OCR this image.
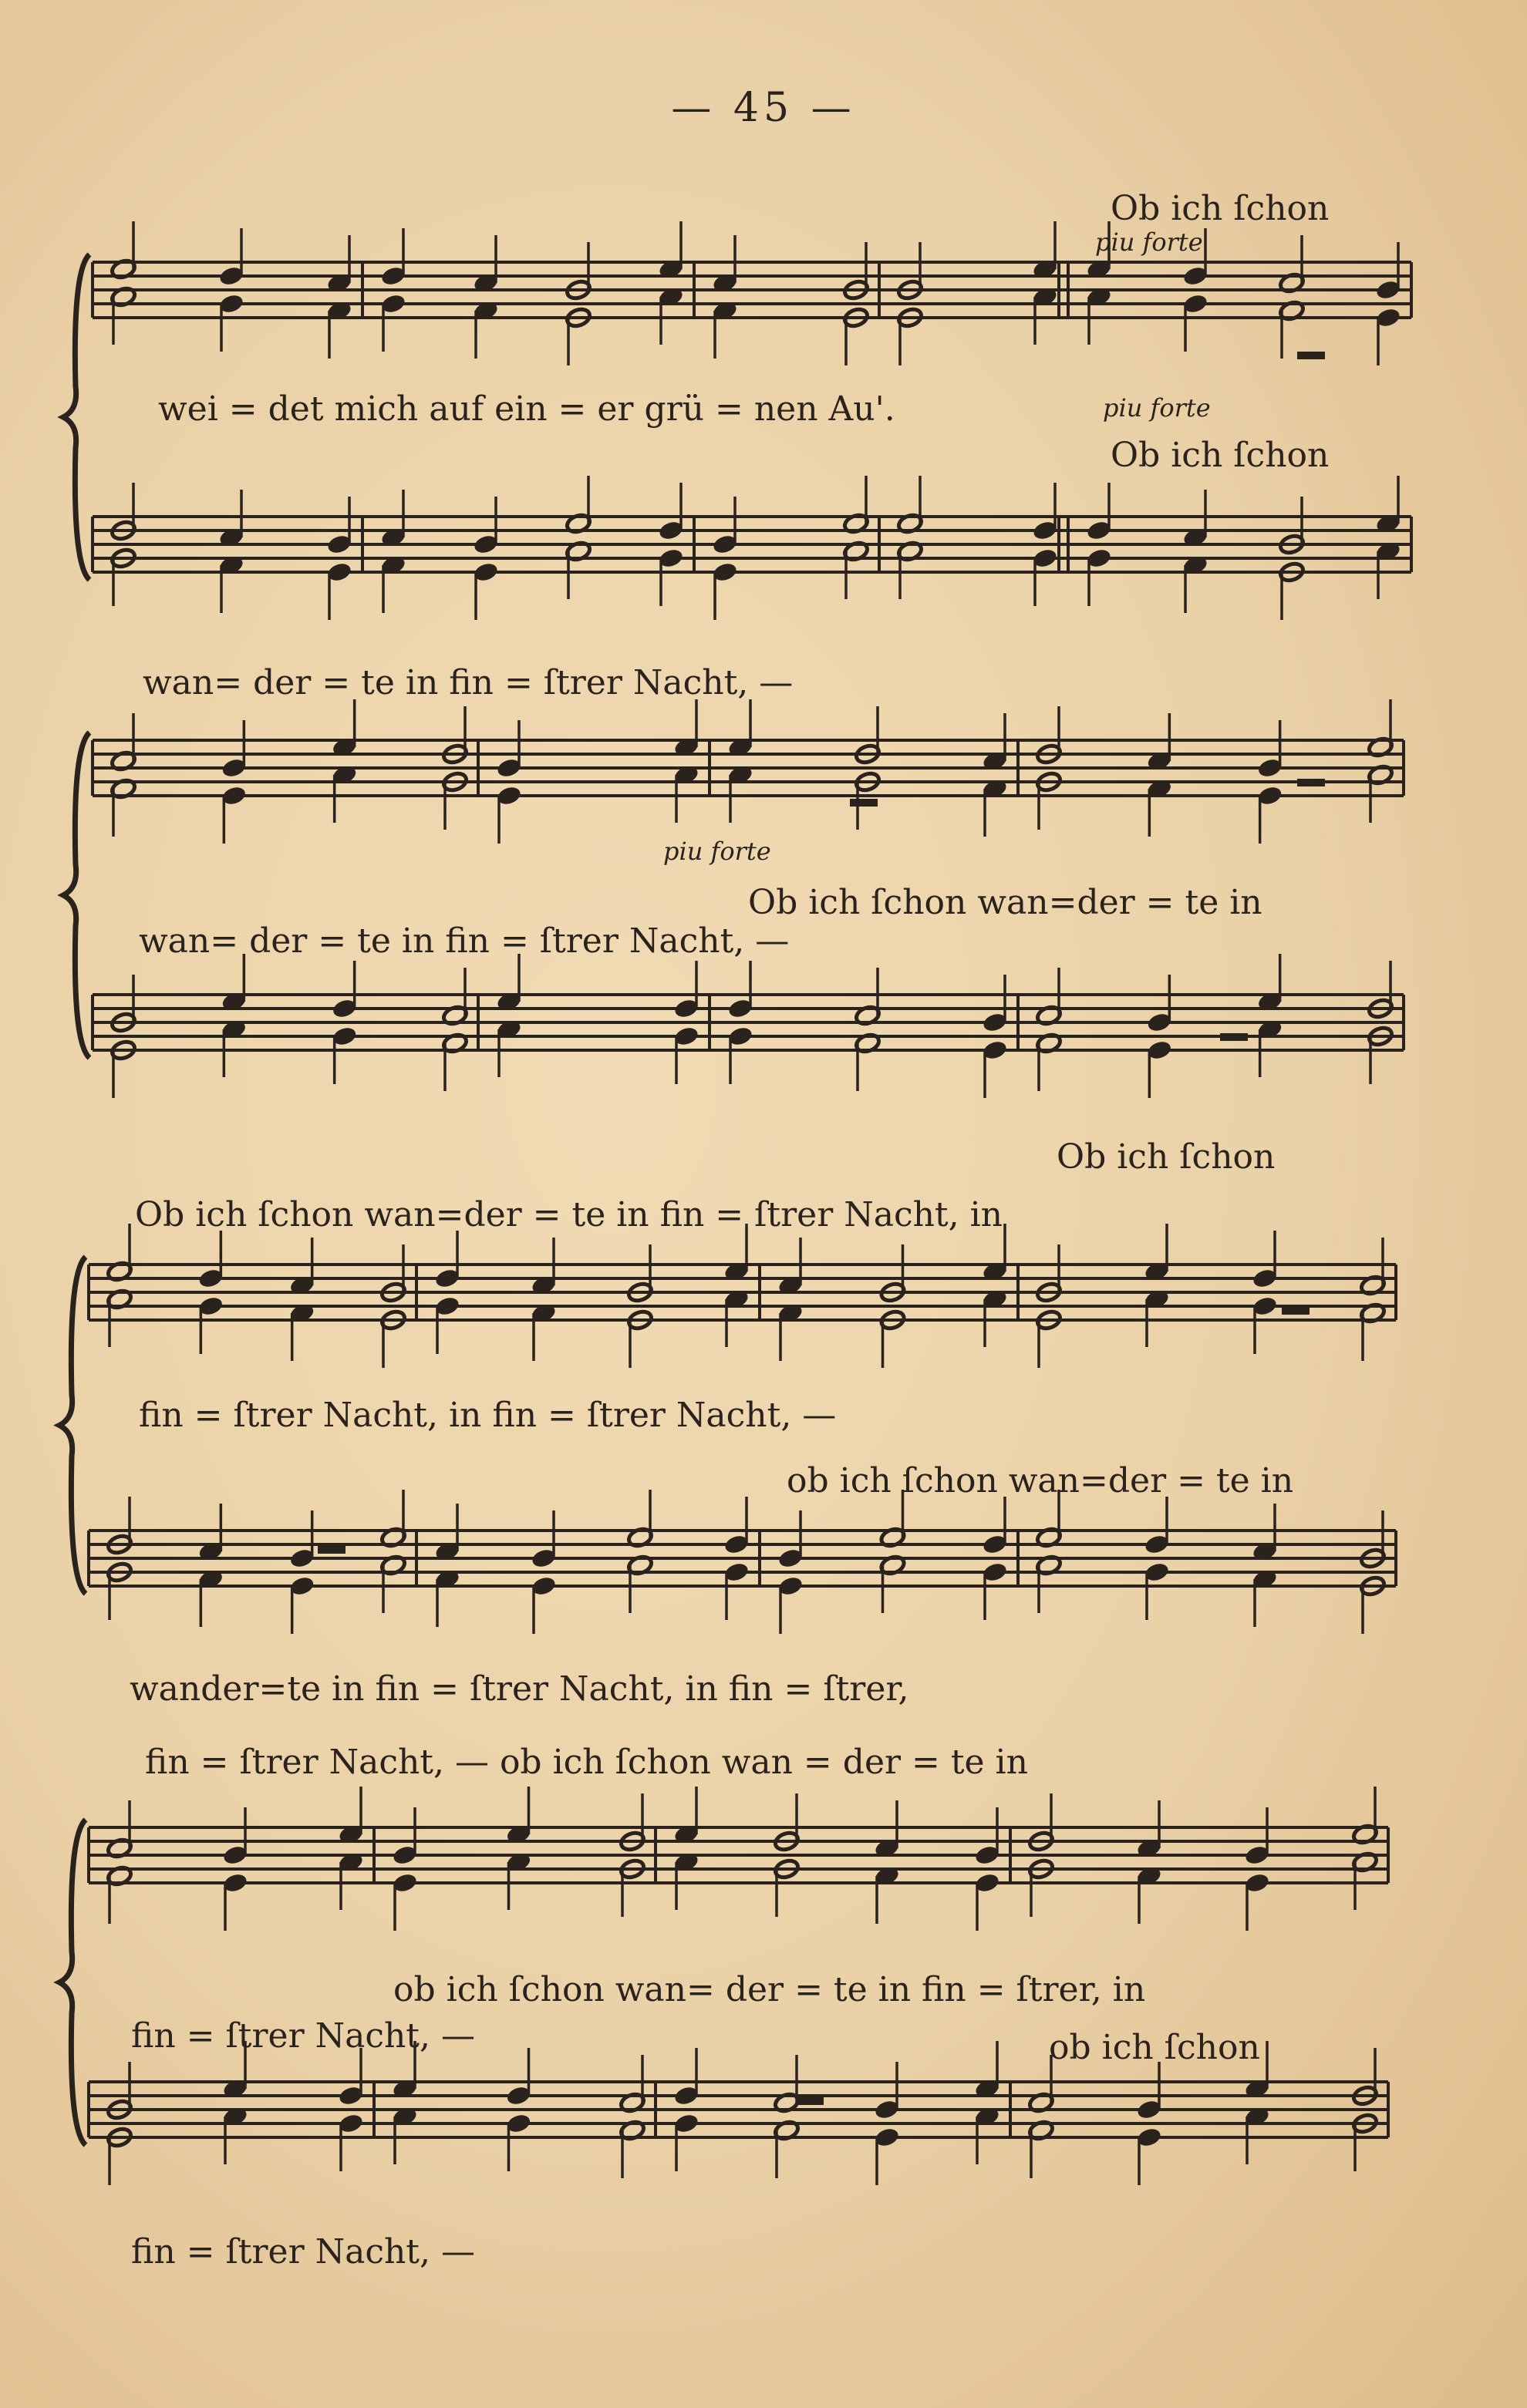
— 45 —
Ob ich ſchon
piu forte
wei = det mich auf ein = er grü = nen Au'.	piu forte
Ob ich ſchon
wan= der = te in fin = ſtrer Nacht, —
piu forte
Ob ich ſchon wan=der = te in
wan= der = te in fin = ſtrer Nacht, —
Ob ich ſchon
Ob ich ſchon wan=der = te in fin = ſtrer Nacht, in
fin = ſtrer Nacht, in fin = ſtrer Nacht, —
ob ich ſchon wan=der = te in
wander=te in fin = ſtrer Nacht, in fin = ſtrer,
fin = ſtrer Nacht, — ob ich ſchon wan = der = te in
ob ich ſchon wan= der = te in fin = ſtrer, in
fin = ſtrer Nacht, —	ob ich ſchon
fin = ſtrer Nacht, —
